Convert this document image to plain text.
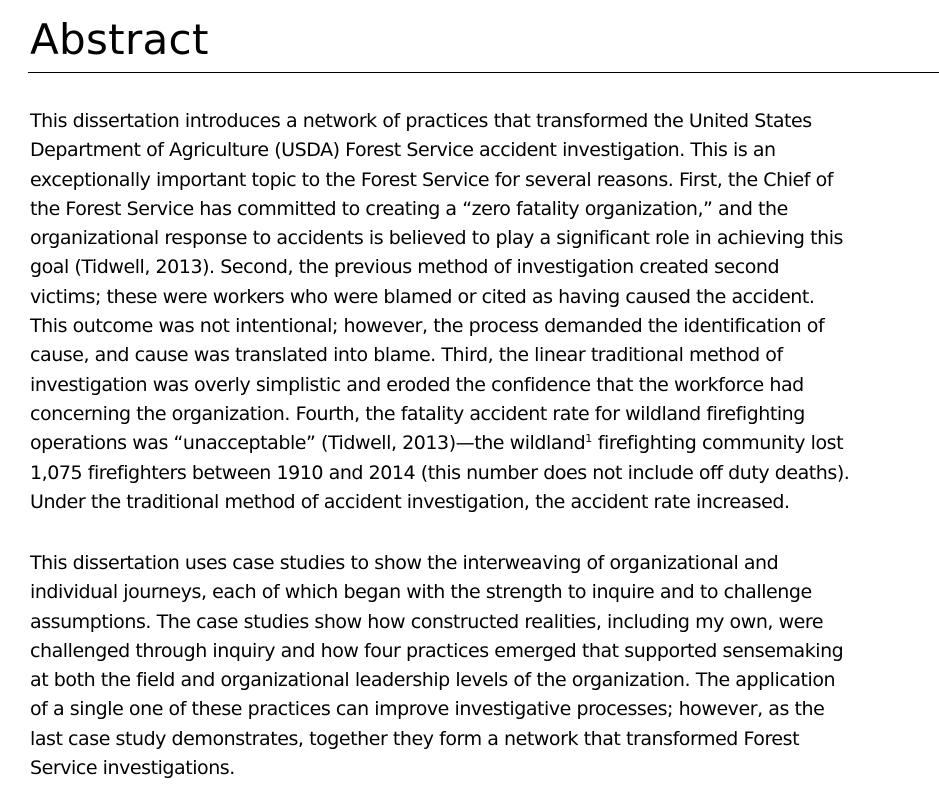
Abstract

This dissertation introduces a network of practices that transformed the United States
Department of Agriculture (USDA) Forest Service accident investigation. This is an
exceptionally important topic to the Forest Service for several reasons. First, the Chief of
the Forest Service has committed to creating a “zero fatality organization,” and the
organizational response to accidents is believed to play a significant role in achieving this
goal (Tidwell, 2013). Second, the previous method of investigation created second
victims; these were workers who were blamed or cited as having caused the accident.
This outcome was not intentional; however, the process demanded the identification of
cause, and cause was translated into blame. Third, the linear traditional method of
investigation was overly simplistic and eroded the confidence that the workforce had
concerning the organization. Fourth, the fatality accident rate for wildland firefighting
operations was “unacceptable” (Tidwell, 2013)—the wildland$^1$ firefighting community lost
1,075 firefighters between 1910 and 2014 (this number does not include off duty deaths).
Under the traditional method of accident investigation, the accident rate increased.

This dissertation uses case studies to show the interweaving of organizational and
individual journeys, each of which began with the strength to inquire and to challenge
assumptions. The case studies show how constructed realities, including my own, were
challenged through inquiry and how four practices emerged that supported sensemaking
at both the field and organizational leadership levels of the organization. The application
of a single one of these practices can improve investigative processes; however, as the
last case study demonstrates, together they form a network that transformed Forest
Service investigations.
